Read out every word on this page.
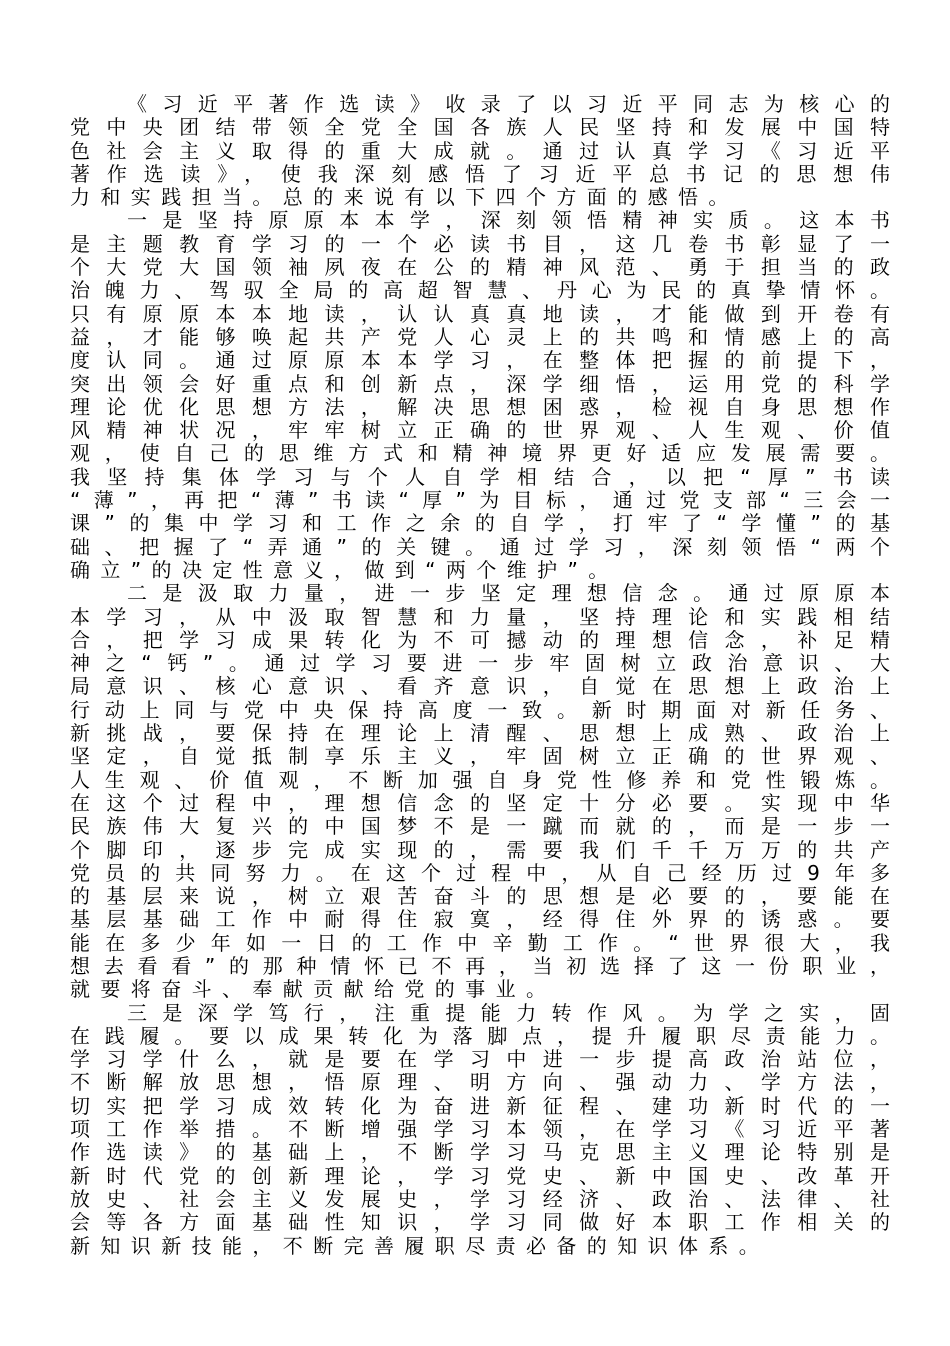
《习近平著作选读》收录了以习近平同志为核心的
党中央团结带领全党全国各族人民坚持和发展中国特
色社会主义取得的重大成就。通过认真学习《习近平
著作选读》，使我深刻感悟了习近平总书记的思想伟
力和实践担当。总的来说有以下四个方面的感悟。
一是坚持原原本本学，深刻领悟精神实质。这本书
是主题教育学习的一个必读书目，这几卷书彰显了一
个大党大国领袖夙夜在公的精神风范、勇于担当的政
治魄力、驾驭全局的高超智慧、丹心为民的真挚情怀。
只有原原本本地读，认认真真地读，才能做到开卷有
益，才能够唤起共产党人心灵上的共鸣和情感上的高
度认同。通过原原本本学习，在整体把握的前提下，
突出领会好重点和创新点，深学细悟，运用党的科学
理论优化思想方法，解决思想困惑，检视自身思想作
风精神状况，牢牢树立正确的世界观、人生观、价值
观，使自己的思维方式和精神境界更好适应发展需要。
我坚持集体学习与个人自学相结合，以把“厚”书读
“薄”，再把“薄”书读“厚”为目标，通过党支部“三会一
课”的集中学习和工作之余的自学，打牢了“学懂”的基
础、把握了“弄通”的关键。通过学习，深刻领悟“两个
确立”的决定性意义，做到“两个维护”。
二是汲取力量，进一步坚定理想信念。通过原原本
本学习，从中汲取智慧和力量，坚持理论和实践相结
合，把学习成果转化为不可撼动的理想信念，补足精
神之“钙”。通过学习要进一步牢固树立政治意识、大
局意识、核心意识、看齐意识，自觉在思想上政治上
行动上同与党中央保持高度一致。新时期面对新任务、
新挑战，要保持在理论上清醒、思想上成熟、政治上
坚定，自觉抵制享乐主义，牢固树立正确的世界观、
人生观、价值观，不断加强自身党性修养和党性锻炼。
在这个过程中，理想信念的坚定十分必要。实现中华
民族伟大复兴的中国梦不是一蹴而就的，而是一步一
个脚印，逐步完成实现的，需要我们千千万万的共产
党员的共同努力。在这个过程中，从自己经历过9年多
的基层来说，树立艰苦奋斗的思想是必要的，要能在
基层基础工作中耐得住寂寞，经得住外界的诱惑。要
能在多少年如一日的工作中辛勤工作。“世界很大，我
想去看看”的那种情怀已不再，当初选择了这一份职业，
就要将奋斗、奉献贡献给党的事业。
三是深学笃行，注重提能力转作风。为学之实，固
在践履。要以成果转化为落脚点，提升履职尽责能力。
学习学什么，就是要在学习中进一步提高政治站位，
不断解放思想，悟原理、明方向、强动力、学方法，
切实把学习成效转化为奋进新征程、建功新时代的一
项工作举措。不断增强学习本领，在学习《习近平著
作选读》的基础上，不断学习马克思主义理论特别是
新时代党的创新理论，学习党史、新中国史、改革开
放史、社会主义发展史，学习经济、政治、法律、社
会等各方面基础性知识，学习同做好本职工作相关的
新知识新技能，不断完善履职尽责必备的知识体系。
